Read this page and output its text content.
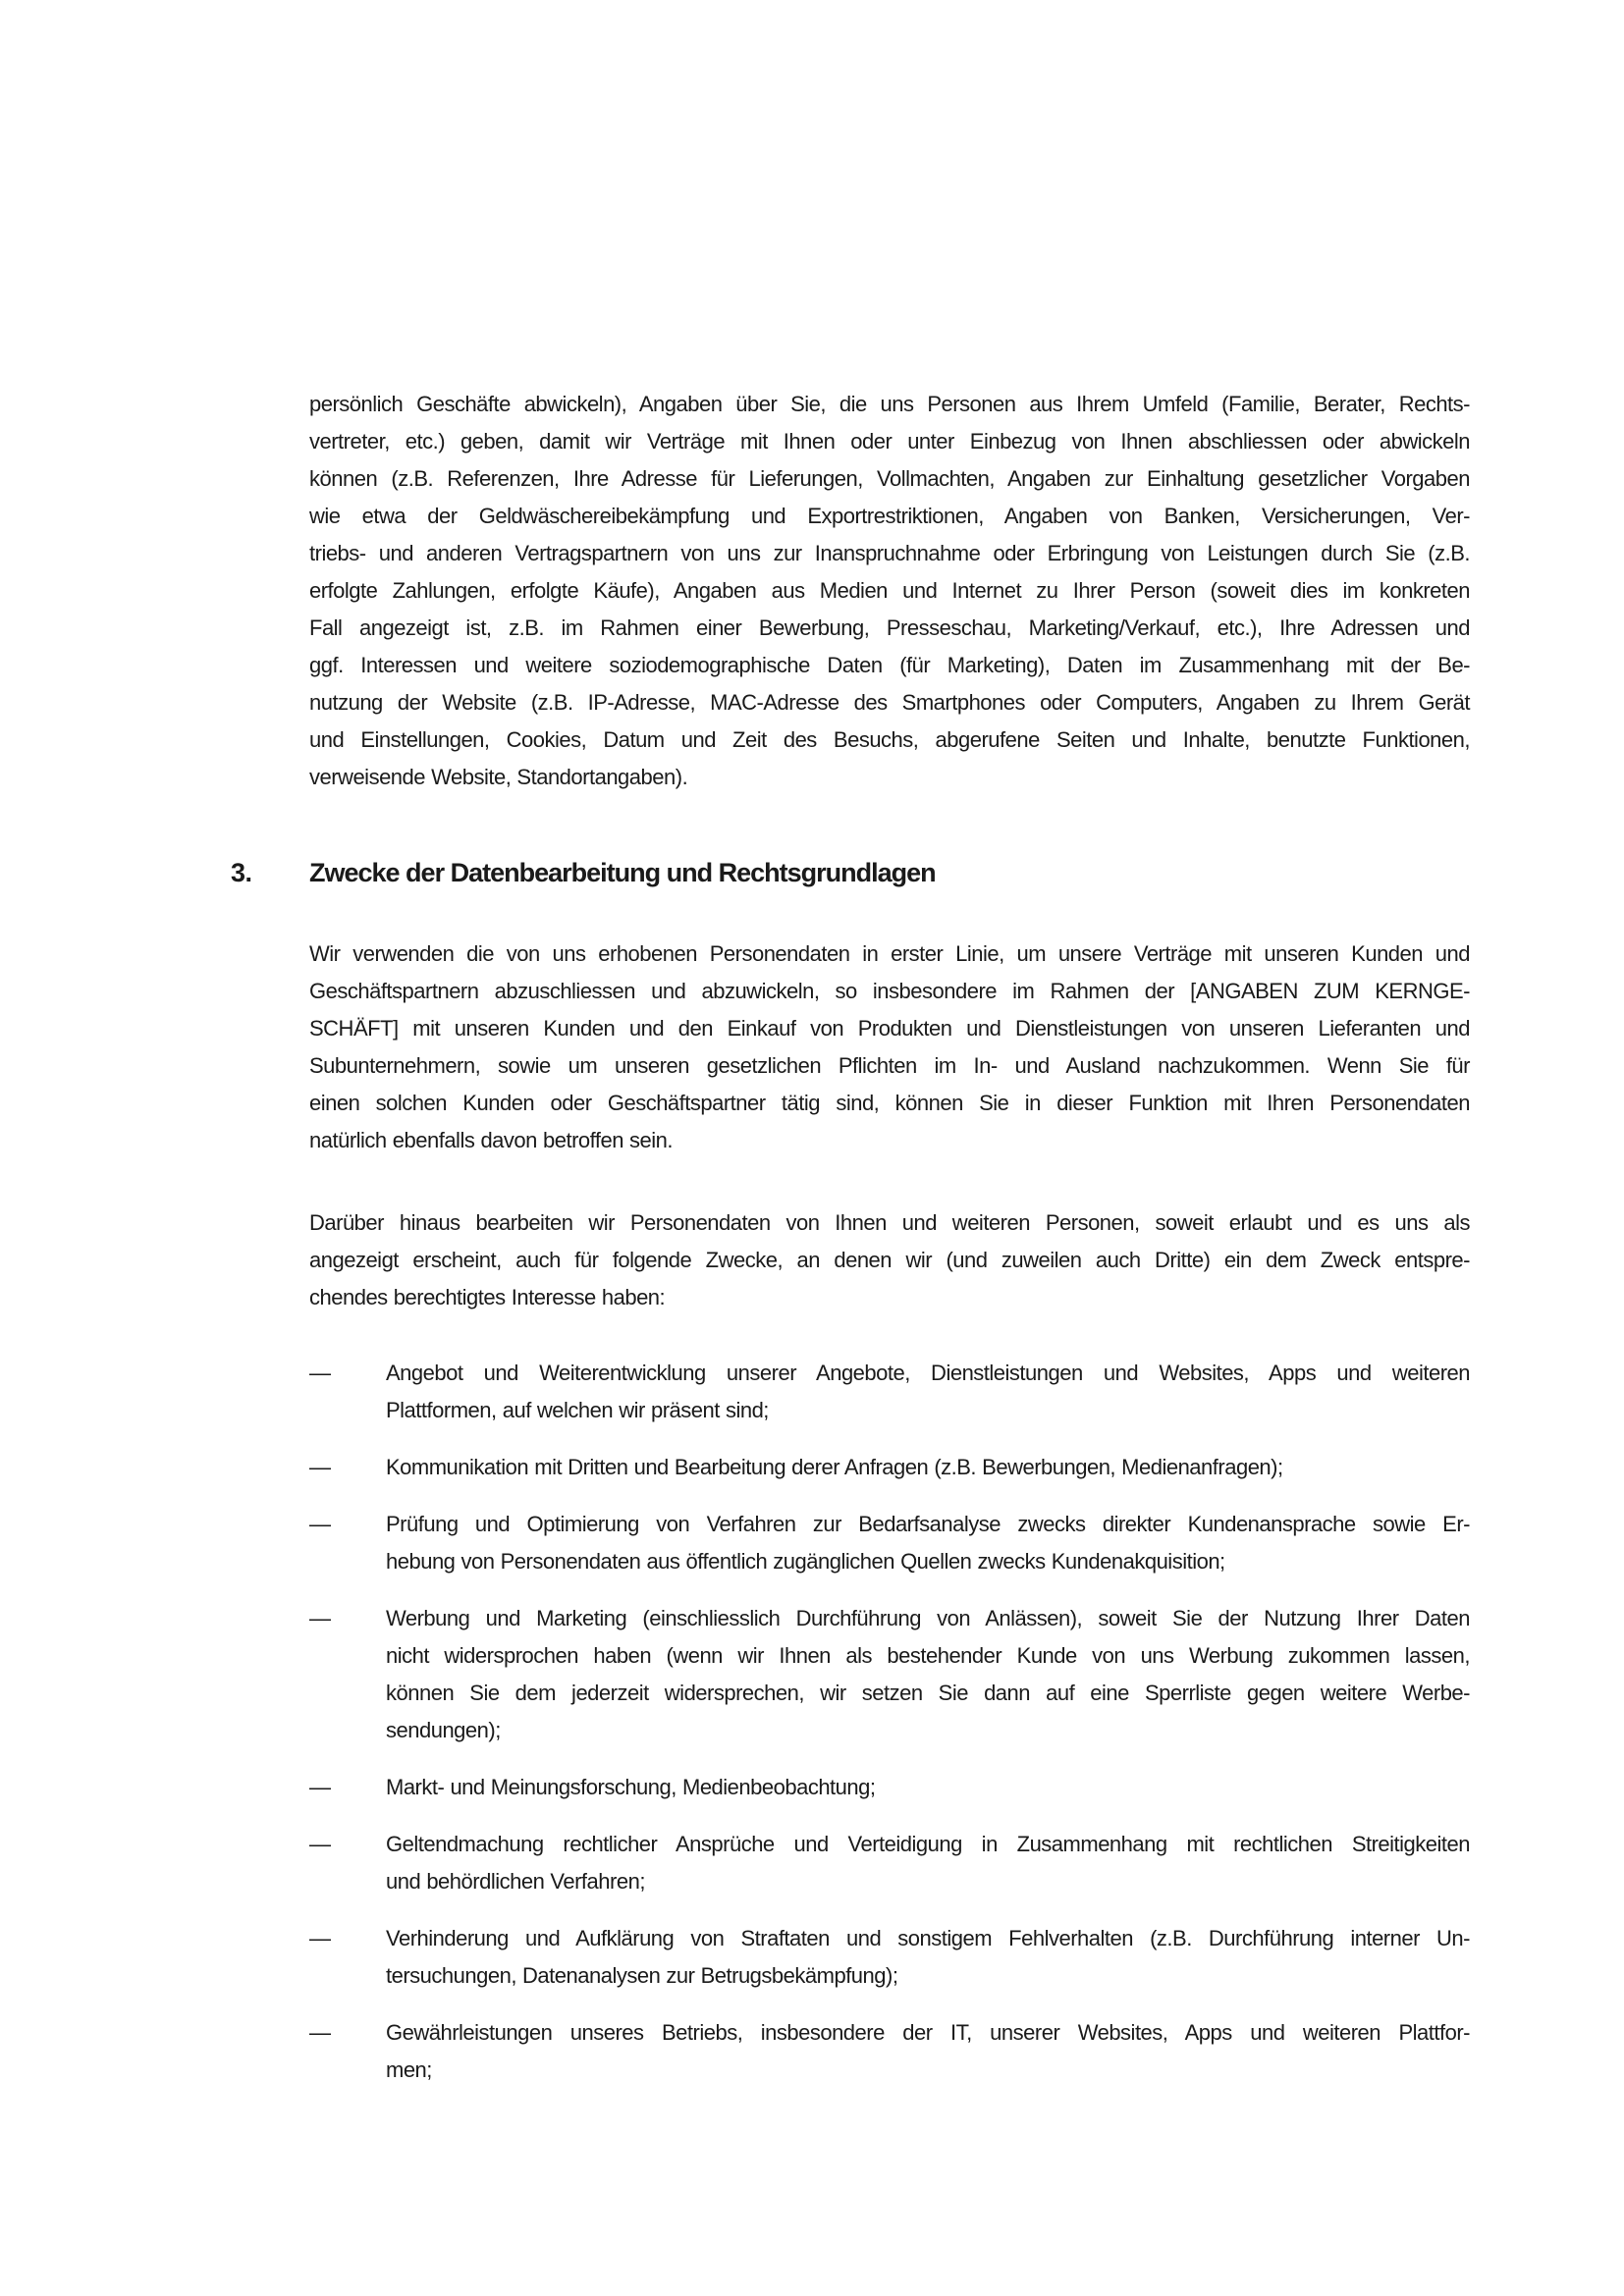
persönlich Geschäfte abwickeln), Angaben über Sie, die uns Personen aus Ihrem Umfeld (Familie, Berater, Rechts-
vertreter, etc.) geben, damit wir Verträge mit Ihnen oder unter Einbezug von Ihnen abschliessen oder abwickeln
können (z.B. Referenzen, Ihre Adresse für Lieferungen, Vollmachten, Angaben zur Einhaltung gesetzlicher Vorgaben
wie etwa der Geldwäschereibekämpfung und Exportrestriktionen, Angaben von Banken, Versicherungen, Ver-
triebs- und anderen Vertragspartnern von uns zur Inanspruchnahme oder Erbringung von Leistungen durch Sie (z.B.
erfolgte Zahlungen, erfolgte Käufe), Angaben aus Medien und Internet zu Ihrer Person (soweit dies im konkreten
Fall angezeigt ist, z.B. im Rahmen einer Bewerbung, Presseschau, Marketing/Verkauf, etc.), Ihre Adressen und
ggf. Interessen und weitere soziodemographische Daten (für Marketing), Daten im Zusammenhang mit der Be-
nutzung der Website (z.B. IP-Adresse, MAC-Adresse des Smartphones oder Computers, Angaben zu Ihrem Gerät
und Einstellungen, Cookies, Datum und Zeit des Besuchs, abgerufene Seiten und Inhalte, benutzte Funktionen,
verweisende Website, Standortangaben).
3. Zwecke der Datenbearbeitung und Rechtsgrundlagen
Wir verwenden die von uns erhobenen Personendaten in erster Linie, um unsere Verträge mit unseren Kunden und
Geschäftspartnern abzuschliessen und abzuwickeln, so insbesondere im Rahmen der [ANGABEN ZUM KERNGE-
SCHÄFT] mit unseren Kunden und den Einkauf von Produkten und Dienstleistungen von unseren Lieferanten und
Subunternehmern, sowie um unseren gesetzlichen Pflichten im In- und Ausland nachzukommen. Wenn Sie für
einen solchen Kunden oder Geschäftspartner tätig sind, können Sie in dieser Funktion mit Ihren Personendaten
natürlich ebenfalls davon betroffen sein.
Darüber hinaus bearbeiten wir Personendaten von Ihnen und weiteren Personen, soweit erlaubt und es uns als
angezeigt erscheint, auch für folgende Zwecke, an denen wir (und zuweilen auch Dritte) ein dem Zweck entspre-
chendes berechtigtes Interesse haben:
—	Angebot und Weiterentwicklung unserer Angebote, Dienstleistungen und Websites, Apps und weiteren
Plattformen, auf welchen wir präsent sind;
—	Kommunikation mit Dritten und Bearbeitung derer Anfragen (z.B. Bewerbungen, Medienanfragen);
—	Prüfung und Optimierung von Verfahren zur Bedarfsanalyse zwecks direkter Kundenansprache sowie Er-
hebung von Personendaten aus öffentlich zugänglichen Quellen zwecks Kundenakquisition;
—	Werbung und Marketing (einschliesslich Durchführung von Anlässen), soweit Sie der Nutzung Ihrer Daten
nicht widersprochen haben (wenn wir Ihnen als bestehender Kunde von uns Werbung zukommen lassen,
können Sie dem jederzeit widersprechen, wir setzen Sie dann auf eine Sperrliste gegen weitere Werbe-
sendungen);
—	Markt- und Meinungsforschung, Medienbeobachtung;
—	Geltendmachung rechtlicher Ansprüche und Verteidigung in Zusammenhang mit rechtlichen Streitigkeiten
und behördlichen Verfahren;
—	Verhinderung und Aufklärung von Straftaten und sonstigem Fehlverhalten (z.B. Durchführung interner Un-
tersuchungen, Datenanalysen zur Betrugsbekämpfung);
—	Gewährleistungen unseres Betriebs, insbesondere der IT, unserer Websites, Apps und weiteren Plattfor-
men;
